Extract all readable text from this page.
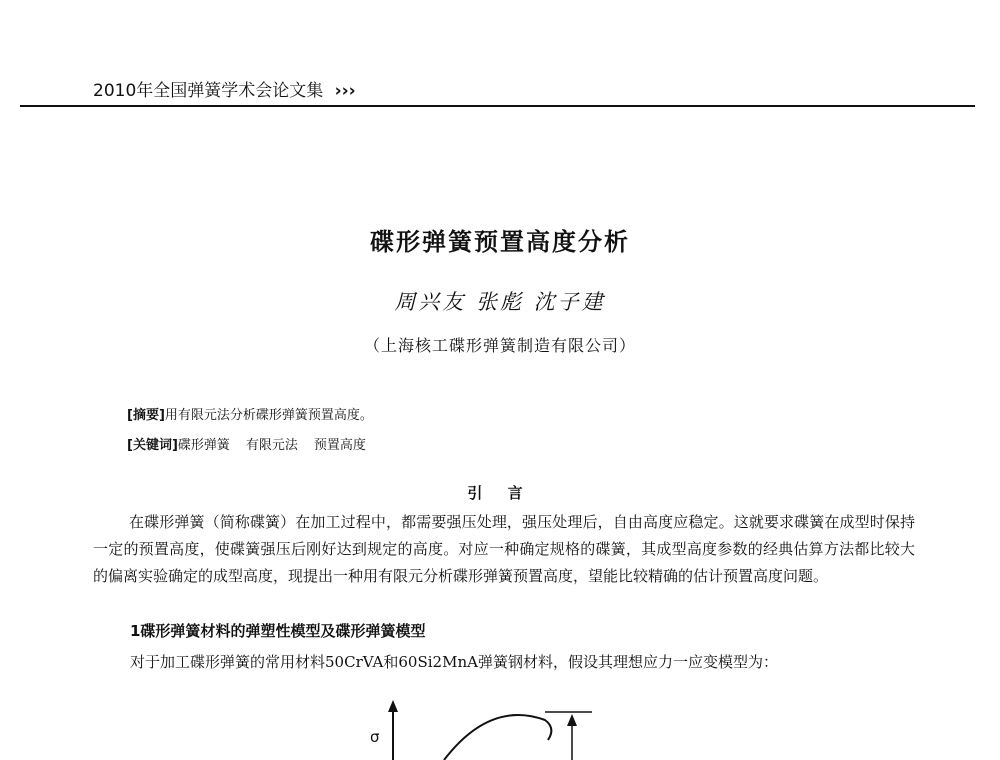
2010年全国弹簧学术会论文集 ›››
碟形弹簧预置高度分析
周兴友 张彪 沈子建
（上海核工碟形弹簧制造有限公司）
[摘要]用有限元法分析碟形弹簧预置高度。
[关键词]碟形弹簧 有限元法 预置高度
引 言
在碟形弹簧（简称碟簧）在加工过程中，都需要强压处理，强压处理后，自由高度应稳定。这就要求碟簧在成型时保持一定的预置高度，使碟簧强压后刚好达到规定的高度。对应一种确定规格的碟簧，其成型高度参数的经典估算方法都比较大的偏离实验确定的成型高度，现提出一种用有限元分析碟形弹簧预置高度，望能比较精确的估计预置高度问题。
1碟形弹簧材料的弹塑性模型及碟形弹簧模型
对于加工碟形弹簧的常用材料50CrVA和60Si2MnA弹簧钢材料，假设其理想应力一应变模型为：
σ
